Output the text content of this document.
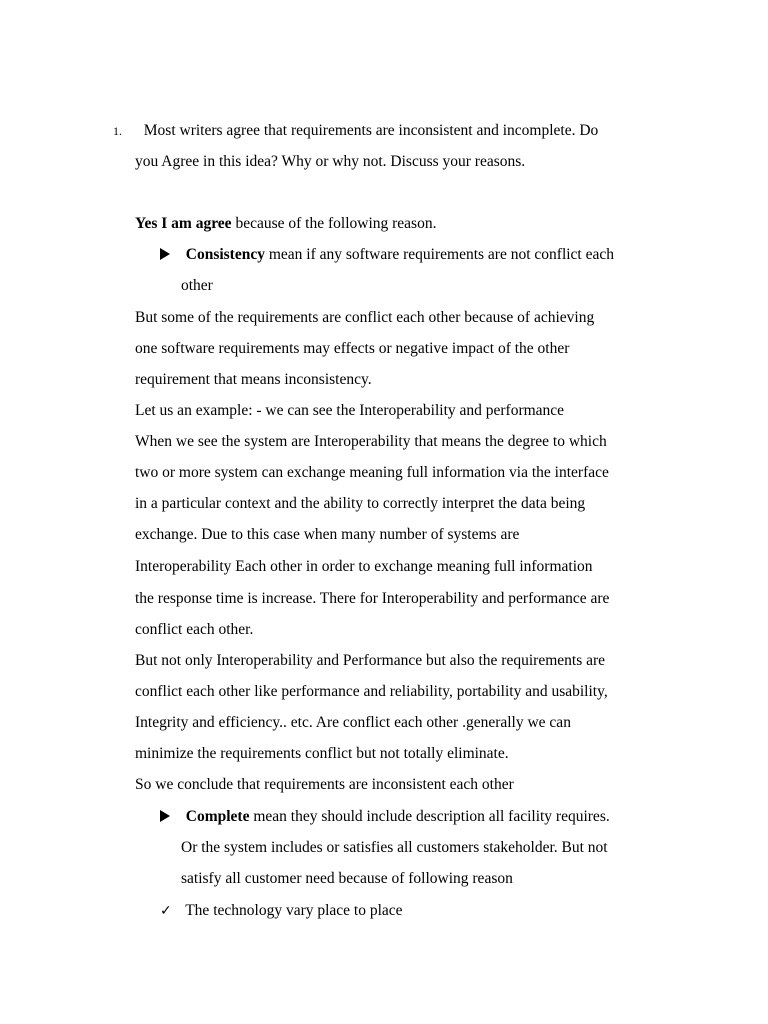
1. Most writers agree that requirements are inconsistent and incomplete. Do
you Agree in this idea? Why or why not. Discuss your reasons.
Yes I am agree because of the following reason.
Consistency mean if any software requirements are not conflict each
other
But some of the requirements are conflict each other because of achieving
one software requirements may effects or negative impact of the other
requirement that means inconsistency.
Let us an example: - we can see the Interoperability and performance
When we see the system are Interoperability that means the degree to which
two or more system can exchange meaning full information via the interface
in a particular context and the ability to correctly interpret the data being
exchange. Due to this case when many number of systems are
Interoperability Each other in order to exchange meaning full information
the response time is increase. There for Interoperability and performance are
conflict each other.
But not only Interoperability and Performance but also the requirements are
conflict each other like performance and reliability, portability and usability,
Integrity and efficiency.. etc. Are conflict each other .generally we can
minimize the requirements conflict but not totally eliminate.
So we conclude that requirements are inconsistent each other
Complete mean they should include description all facility requires.
Or the system includes or satisfies all customers stakeholder. But not
satisfy all customer need because of following reason
✓ The technology vary place to place
